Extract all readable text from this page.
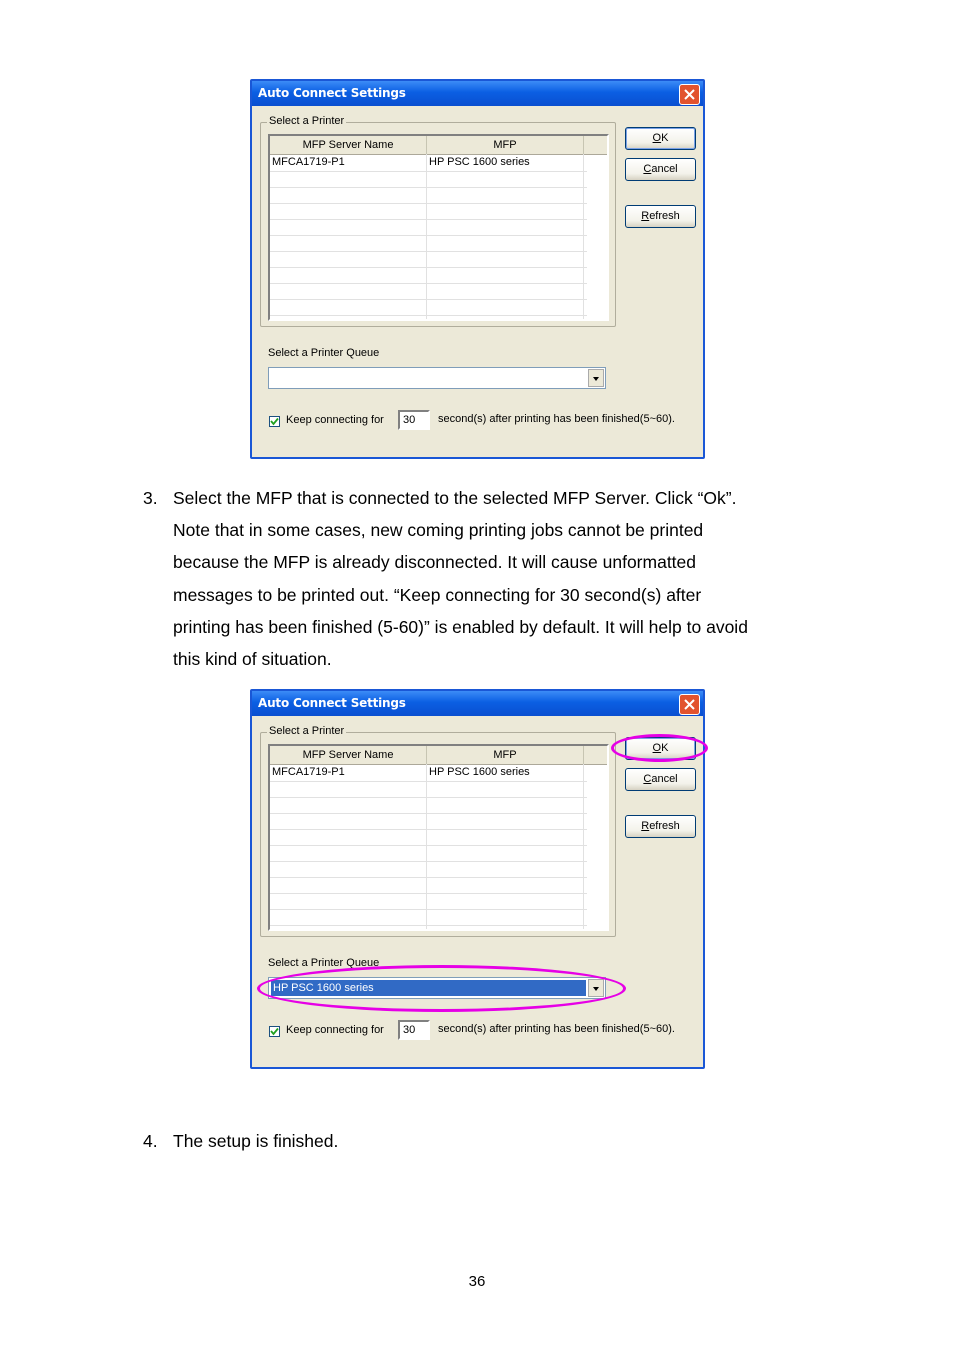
Auto Connect Settings
Select a Printer
MFP Server Name	MFP
MFCA1719-P1	HP PSC 1600 series
OK
Cancel
Refresh
Select a Printer Queue
Keep connecting for	30	second(s) after printing has been finished(5~60).
3. Select the MFP that is connected to the selected MFP Server. Click “Ok”.
Note that in some cases, new coming printing jobs cannot be printed
because the MFP is already disconnected. It will cause unformatted
messages to be printed out. “Keep connecting for 30 second(s) after
printing has been finished (5-60)” is enabled by default. It will help to avoid
this kind of situation.
Auto Connect Settings
Select a Printer
MFP Server Name	MFP
MFCA1719-P1	HP PSC 1600 series
OK
Cancel
Refresh
Select a Printer Queue
HP PSC 1600 series
Keep connecting for	30	second(s) after printing has been finished(5~60).
4. The setup is finished.
36
